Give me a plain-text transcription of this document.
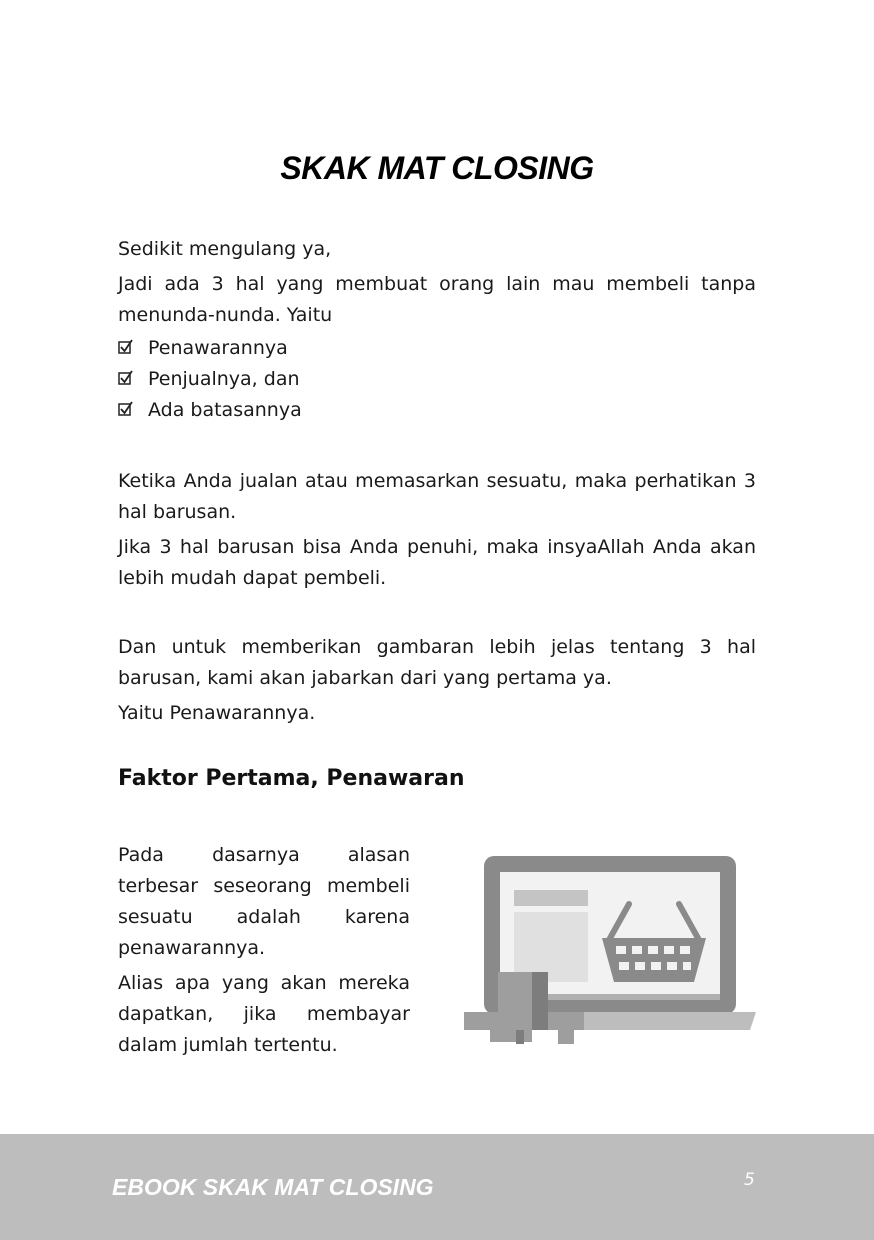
SKAK MAT CLOSING

Sedikit mengulang ya,

Jadi ada 3 hal yang membuat orang lain mau membeli tanpa

menunda-nunda. Yaitu

Penawarannya
Penjualnya, dan
Ada batasannya

Ketika Anda jualan atau memasarkan sesuatu, maka perhatikan 3 hal barusan.

Jika 3 hal barusan bisa Anda penuhi, maka insyaAllah Anda akan lebih mudah dapat pembeli.

Dan untuk memberikan gambaran lebih jelas tentang 3 hal barusan, kami akan jabarkan dari yang pertama ya.

Yaitu Penawarannya.

Faktor Pertama, Penawaran

Pada dasarnya alasan terbesar seseorang membeli sesuatu adalah karena penawarannya.

Alias apa yang akan mereka dapatkan, jika membayar dalam jumlah tertentu.

EBOOK SKAK MAT CLOSING	5
